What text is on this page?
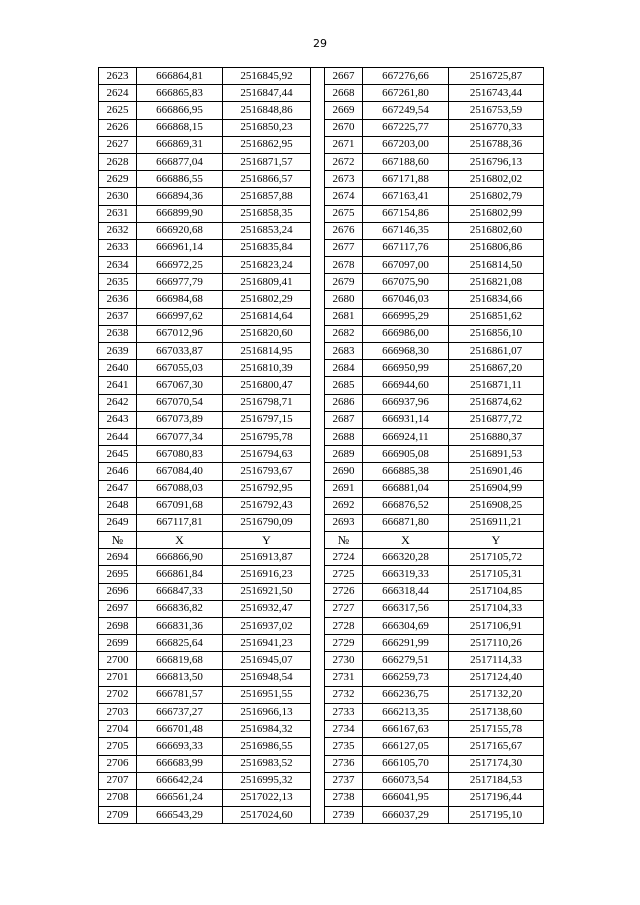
29
2623	666864,81	2516845,92		2667	667276,66	2516725,87
2624	666865,83	2516847,44		2668	667261,80	2516743,44
2625	666866,95	2516848,86		2669	667249,54	2516753,59
2626	666868,15	2516850,23		2670	667225,77	2516770,33
2627	666869,31	2516862,95		2671	667203,00	2516788,36
2628	666877,04	2516871,57		2672	667188,60	2516796,13
2629	666886,55	2516866,57		2673	667171,88	2516802,02
2630	666894,36	2516857,88		2674	667163,41	2516802,79
2631	666899,90	2516858,35		2675	667154,86	2516802,99
2632	666920,68	2516853,24		2676	667146,35	2516802,60
2633	666961,14	2516835,84		2677	667117,76	2516806,86
2634	666972,25	2516823,24		2678	667097,00	2516814,50
2635	666977,79	2516809,41		2679	667075,90	2516821,08
2636	666984,68	2516802,29		2680	667046,03	2516834,66
2637	666997,62	2516814,64		2681	666995,29	2516851,62
2638	667012,96	2516820,60		2682	666986,00	2516856,10
2639	667033,87	2516814,95		2683	666968,30	2516861,07
2640	667055,03	2516810,39		2684	666950,99	2516867,20
2641	667067,30	2516800,47		2685	666944,60	2516871,11
2642	667070,54	2516798,71		2686	666937,96	2516874,62
2643	667073,89	2516797,15		2687	666931,14	2516877,72
2644	667077,34	2516795,78		2688	666924,11	2516880,37
2645	667080,83	2516794,63		2689	666905,08	2516891,53
2646	667084,40	2516793,67		2690	666885,38	2516901,46
2647	667088,03	2516792,95		2691	666881,04	2516904,99
2648	667091,68	2516792,43		2692	666876,52	2516908,25
2649	667117,81	2516790,09		2693	666871,80	2516911,21
№	X	Y		№	X	Y
2694	666866,90	2516913,87		2724	666320,28	2517105,72
2695	666861,84	2516916,23		2725	666319,33	2517105,31
2696	666847,33	2516921,50		2726	666318,44	2517104,85
2697	666836,82	2516932,47		2727	666317,56	2517104,33
2698	666831,36	2516937,02		2728	666304,69	2517106,91
2699	666825,64	2516941,23		2729	666291,99	2517110,26
2700	666819,68	2516945,07		2730	666279,51	2517114,33
2701	666813,50	2516948,54		2731	666259,73	2517124,40
2702	666781,57	2516951,55		2732	666236,75	2517132,20
2703	666737,27	2516966,13		2733	666213,35	2517138,60
2704	666701,48	2516984,32		2734	666167,63	2517155,78
2705	666693,33	2516986,55		2735	666127,05	2517165,67
2706	666683,99	2516983,52		2736	666105,70	2517174,30
2707	666642,24	2516995,32		2737	666073,54	2517184,53
2708	666561,24	2517022,13		2738	666041,95	2517196,44
2709	666543,29	2517024,60		2739	666037,29	2517195,10
